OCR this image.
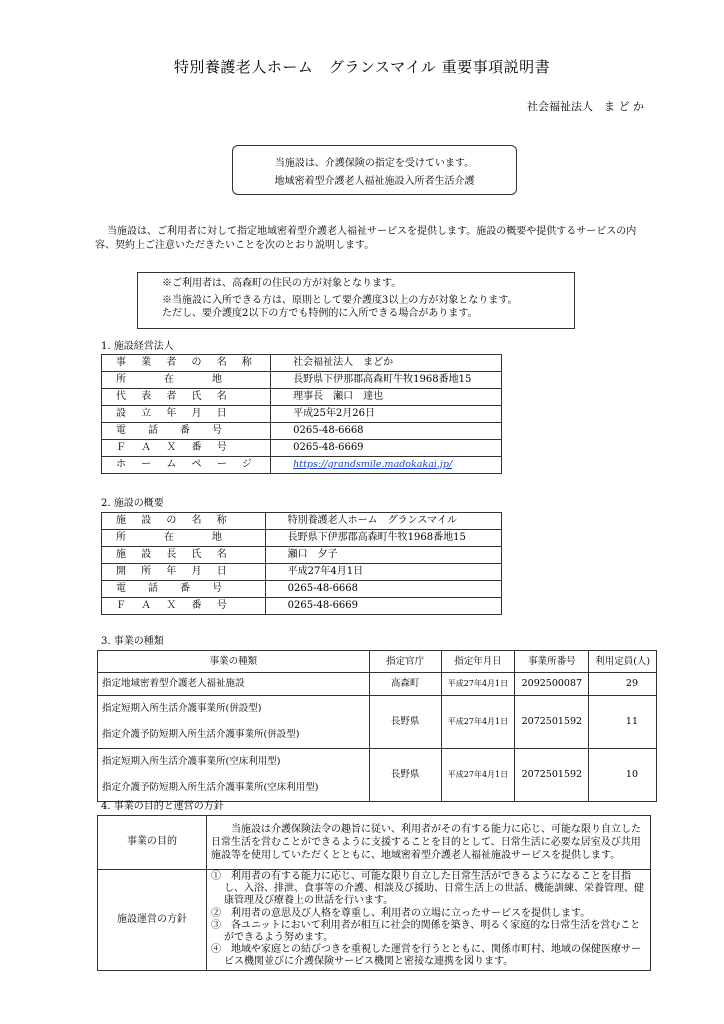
特別養護老人ホーム　グランスマイル 重要事項説明書
社会福祉法人　ま ど か
当施設は、介護保険の指定を受けています。
地域密着型介護老人福祉施設入所者生活介護
当施設は、ご利用者に対して指定地域密着型介護老人福祉サービスを提供します。施設の概要や提供するサービスの内容、契約上ご注意いただきたいことを次のとおり説明します。

※ご利用者は、高森町の住民の方が対象となります。

※当施設に入所できる方は、原則として要介護度3以上の方が対象となります。

ただし、要介護度2以下の方でも特例的に入所できる場合があります。

1. 施設経営法人
事 業 者 の 名 称	社会福祉法人　まどか
所　　在　　地	長野県下伊那郡高森町牛牧1968番地15
代 表 者 氏 名	理事長　瀬口　達也
設 立 年 月 日	平成25年2月26日
電　話　番　号	0265-48-6668
Ｆ Ａ Ｘ 番 号	0265-48-6669
ホ ー ム ペ ー ジ	https://grandsmile.madokakai.jp/
2. 施設の概要
施 設 の 名 称	特別養護老人ホーム　グランスマイル
所　　在　　地	長野県下伊那郡高森町牛牧1968番地15
施 設 長 氏 名	瀬口　夕子
開 所 年 月 日	平成27年4月1日
電　話　番　号	0265-48-6668
Ｆ Ａ Ｘ 番 号	0265-48-6669
3. 事業の種類
事業の種類	指定官庁	指定年月日	事業所番号	利用定員(人)
指定地域密着型介護老人福祉施設	高森町	平成27年4月1日	2092500087	29

指定短期入所生活介護事業所(併設型)
指定介護予防短期入所生活介護事業所(併設型)	長野県	平成27年4月1日	2072501592	11

指定短期入所生活介護事業所(空床利用型)
指定介護予防短期入所生活介護事業所(空床利用型)	長野県	平成27年4月1日	2072501592	10
4. 事業の目的と運営の方針
事業の目的	当施設は介護保険法令の趣旨に従い、利用者がその有する能力に応じ、可能な限り自立した日常生活を営むことができるように支援することを目的として、日常生活に必要な居室及び共用施設等を使用していただくとともに、地域密着型介護老人福祉施設サービスを提供します。
施設運営の方針	①　利用者の有する能力に応じ、可能な限り自立した日常生活ができるようになることを目指し、入浴、排泄、食事等の介護、相談及び援助、日常生活上の世話、機能訓練、栄養管理、健康管理及び療養上の世話を行います。
②　利用者の意思及び人格を尊重し、利用者の立場に立ったサービスを提供します。
③　各ユニットにおいて利用者が相互に社会的関係を築き、明るく家庭的な日常生活を営むことができるよう努めます。
④　地域や家庭との結びつきを重視した運営を行うとともに、関係市町村、地域の保健医療サービス機関並びに介護保険サービス機関と密接な連携を図ります。
